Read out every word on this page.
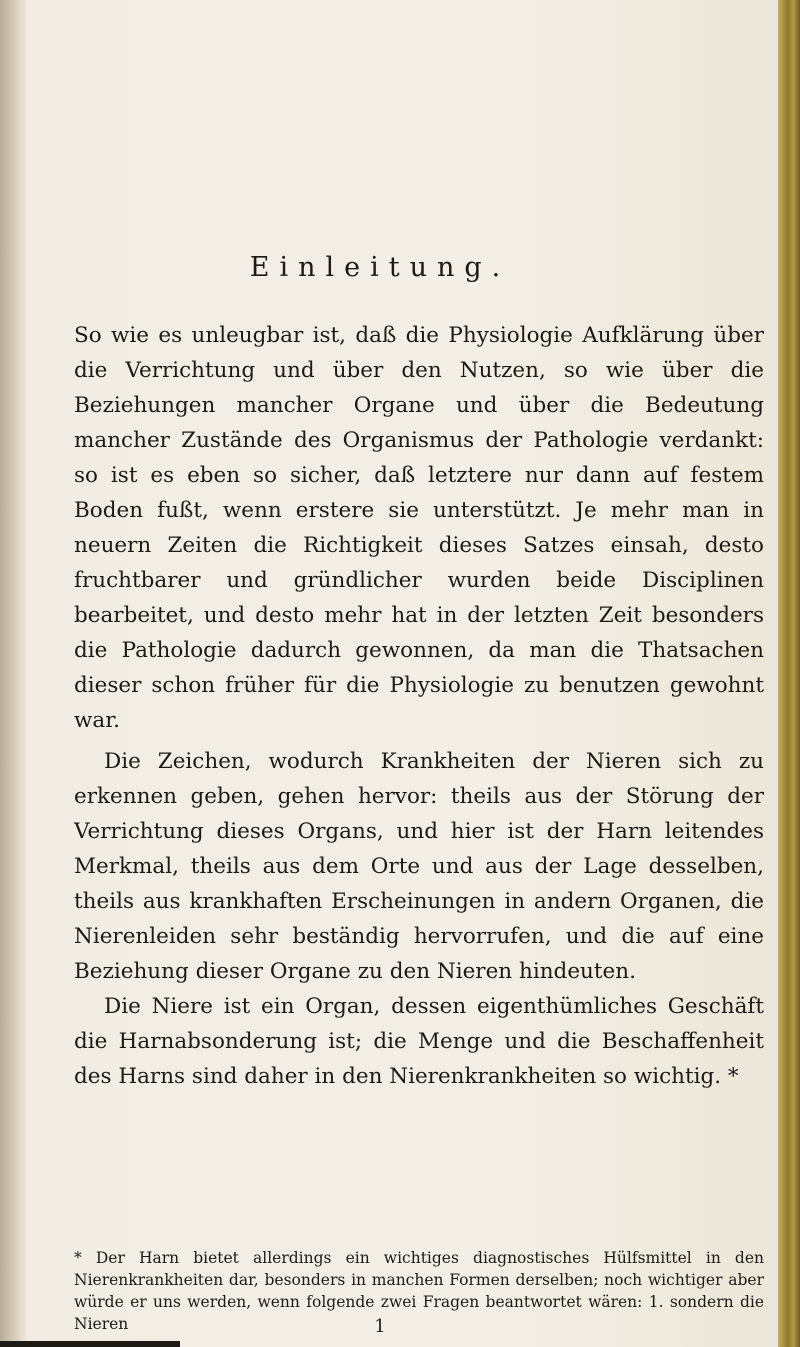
Einleitung.
So wie es unleugbar ist, daß die Physiologie Aufklärung über die Verrichtung und über den Nutzen, so wie über die Beziehungen mancher Organe und über die Bedeutung mancher Zustände des Organismus der Pathologie verdankt: so ist es eben so sicher, daß letztere nur dann auf festem Boden fußt, wenn erstere sie unterstützt. Je mehr man in neuern Zeiten die Richtigkeit dieses Satzes einsah, desto fruchtbarer und gründlicher wurden beide Disciplinen bearbeitet, und desto mehr hat in der letzten Zeit besonders die Pathologie dadurch gewonnen, da man die Thatsachen dieser schon früher für die Physiologie zu benutzen gewohnt war.

Die Zeichen, wodurch Krankheiten der Nieren sich zu erkennen geben, gehen hervor: theils aus der Störung der Verrichtung dieses Organs, und hier ist der Harn leitendes Merkmal, theils aus dem Orte und aus der Lage desselben, theils aus krankhaften Erscheinungen in andern Organen, die Nierenleiden sehr beständig hervorrufen, und die auf eine Beziehung dieser Organe zu den Nieren hindeuten.

Die Niere ist ein Organ, dessen eigenthümliches Geschäft die Harnabsonderung ist; die Menge und die Beschaffenheit des Harns sind daher in den Nierenkrankheiten so wichtig. *

* Der Harn bietet allerdings ein wichtiges diagnostisches Hülfsmittel in den Nierenkrankheiten dar, besonders in manchen Formen derselben; noch wichtiger aber würde er uns werden, wenn folgende zwei Fragen beantwortet wären: 1. sondern die Nieren	1
